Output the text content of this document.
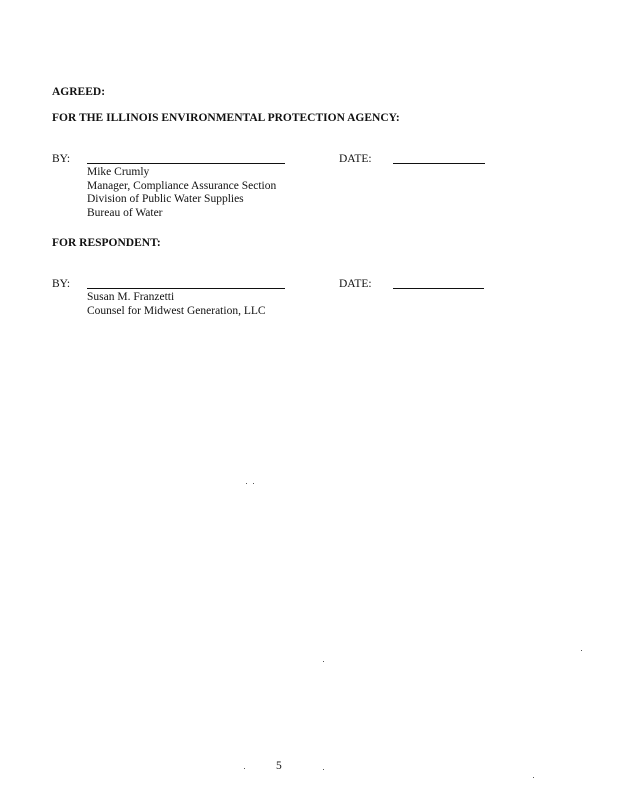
AGREED:
FOR THE ILLINOIS ENVIRONMENTAL PROTECTION AGENCY:
BY:	DATE:
Mike Crumly
Manager, Compliance Assurance Section
Division of Public Water Supplies
Bureau of Water
FOR RESPONDENT:
BY:	DATE:
Susan M. Franzetti
Counsel for Midwest Generation, LLC
5
